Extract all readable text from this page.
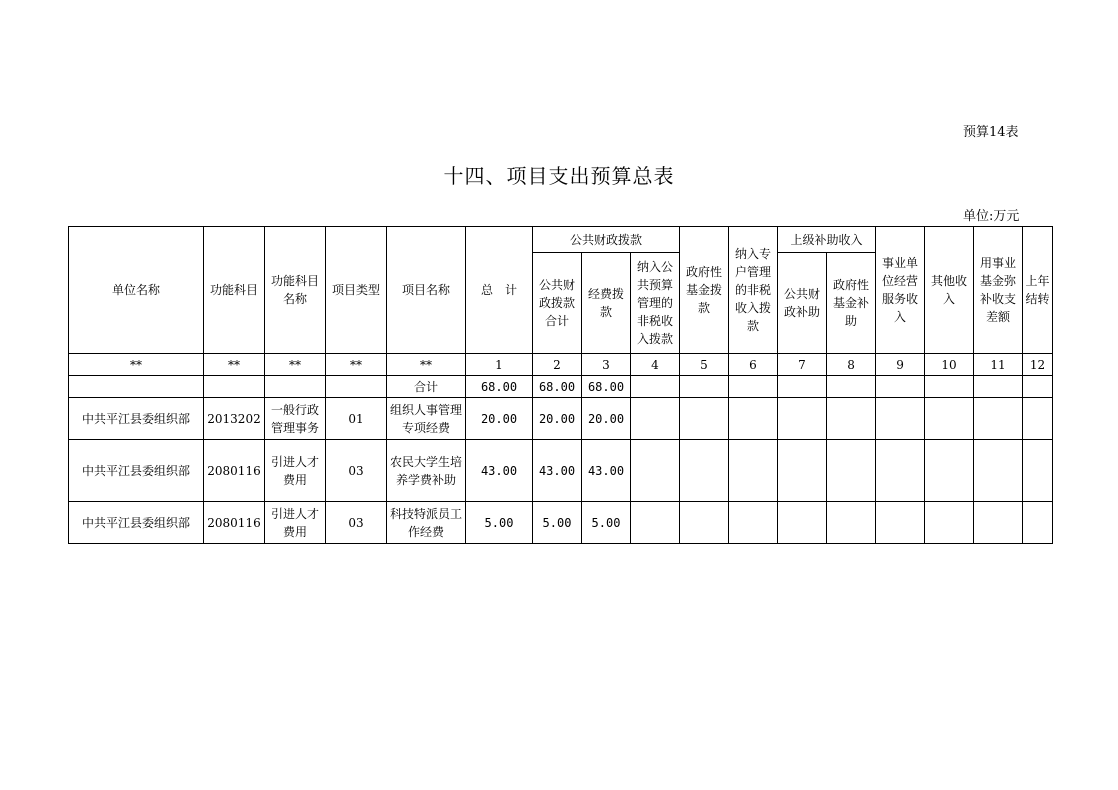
预算14表
十四、项目支出预算总表
单位:万元
单位名称	功能科目	功能科目名称	项目类型	项目名称	总　计	公共财政拨款			政府性基金拨款	纳入专户管理的非税收入拨款	上级补助收入		事业单位经营服务收入	其他收入	用事业基金弥补收支差额	上年结转
						公共财政拨款合计	经费拨款	纳入公共预算管理的非税收入拨款			公共财政补助	政府性基金补助				
**	**	**	**	**	1	2	3	4	5	6	7	8	9	10	11	12
				合计	68.00	68.00	68.00									
中共平江县委组织部	2013202	一般行政管理事务	01	组织人事管理专项经费	20.00	20.00	20.00									
中共平江县委组织部	2080116	引进人才费用	03	农民大学生培养学费补助	43.00	43.00	43.00									
中共平江县委组织部	2080116	引进人才费用	03	科技特派员工作经费	5.00	5.00	5.00									
